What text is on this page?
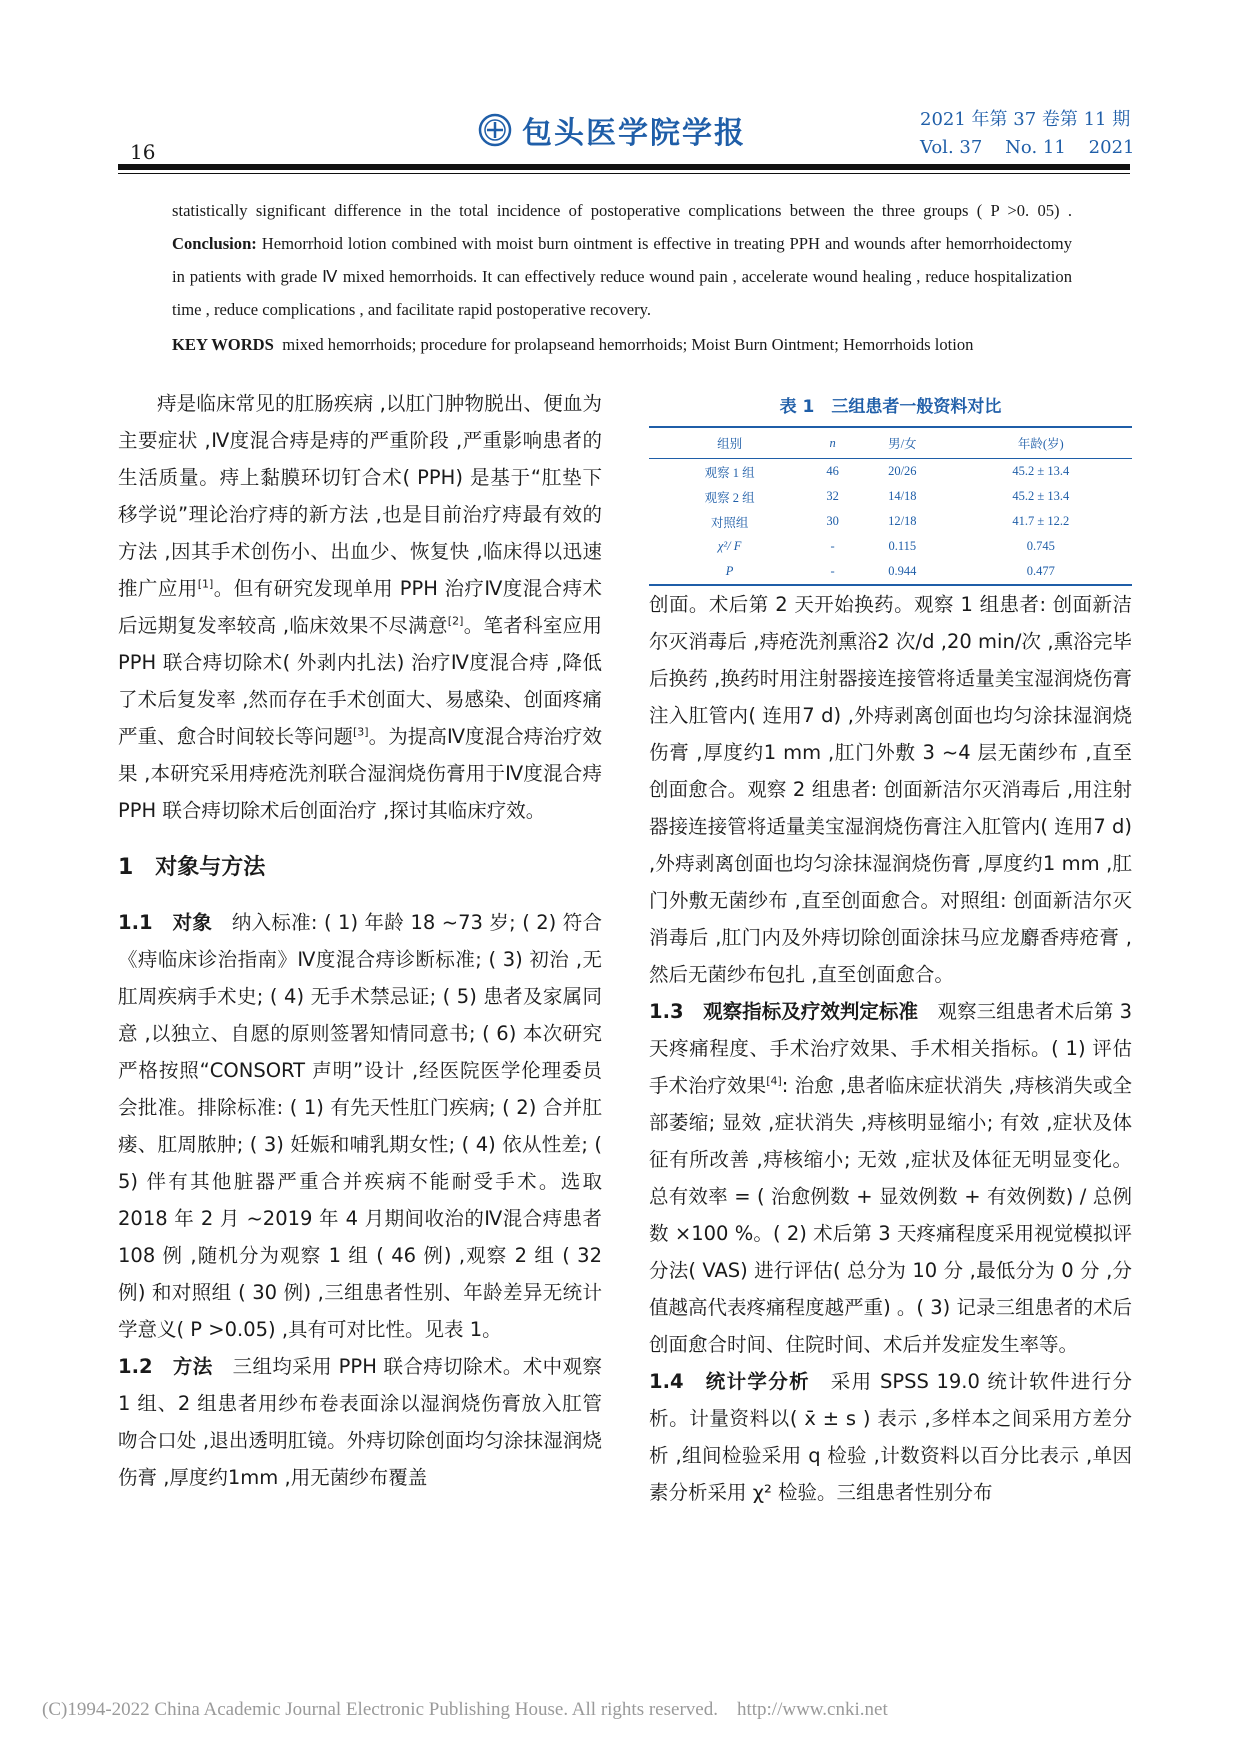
16
包头医学院学报	2021 年第 37 卷第 11 期
Vol. 37    No. 11    2021

statistically significant difference in the total incidence of postoperative complications between the three groups ( P >0. 05) . Conclusion: Hemorrhoid lotion combined with moist burn ointment is effective in treating PPH and wounds after hemorrhoidectomy in patients with grade Ⅳ mixed hemorrhoids. It can effectively reduce wound pain , accelerate wound healing , reduce hospitalization time , reduce complications , and facilitate rapid postoperative recovery.

KEY WORDS  mixed hemorrhoids; procedure for prolapseand hemorrhoids; Moist Burn Ointment; Hemorrhoids lotion

痔是临床常见的肛肠疾病 ,以肛门肿物脱出、便血为主要症状 ,Ⅳ度混合痔是痔的严重阶段 ,严重影响患者的生活质量。痔上黏膜环切钉合术( PPH) 是基于“肛垫下移学说”理论治疗痔的新方法 ,也是目前治疗痔最有效的方法 ,因其手术创伤小、出血少、恢复快 ,临床得以迅速推广应用[1]。但有研究发现单用 PPH 治疗Ⅳ度混合痔术后远期复发率较高 ,临床效果不尽满意[2]。笔者科室应用 PPH 联合痔切除术( 外剥内扎法) 治疗Ⅳ度混合痔 ,降低了术后复发率 ,然而存在手术创面大、易感染、创面疼痛严重、愈合时间较长等问题[3]。为提高Ⅳ度混合痔治疗效果 ,本研究采用痔疮洗剂联合湿润烧伤膏用于Ⅳ度混合痔 PPH 联合痔切除术后创面治疗 ,探讨其临床疗效。

1　对象与方法

1.1　对象　纳入标准: ( 1) 年龄 18 ~73 岁; ( 2) 符合《痔临床诊治指南》Ⅳ度混合痔诊断标准; ( 3) 初治 ,无肛周疾病手术史; ( 4) 无手术禁忌证; ( 5) 患者及家属同意 ,以独立、自愿的原则签署知情同意书; ( 6) 本次研究严格按照“CONSORT 声明”设计 ,经医院医学伦理委员会批准。排除标准: ( 1) 有先天性肛门疾病; ( 2) 合并肛瘘、肛周脓肿; ( 3) 妊娠和哺乳期女性; ( 4) 依从性差; ( 5) 伴有其他脏器严重合并疾病不能耐受手术。选取 2018 年 2 月 ~2019 年 4 月期间收治的Ⅳ混合痔患者 108 例 ,随机分为观察 1 组 ( 46 例) ,观察 2 组 ( 32 例) 和对照组 ( 30 例) ,三组患者性别、年龄差异无统计学意义( P >0.05) ,具有可对比性。见表 1。

1.2　方法　三组均采用 PPH 联合痔切除术。术中观察 1 组、2 组患者用纱布卷表面涂以湿润烧伤膏放入肛管吻合口处 ,退出透明肛镜。外痔切除创面均匀涂抹湿润烧伤膏 ,厚度约1mm ,用无菌纱布覆盖

表 1　三组患者一般资料对比
组别	n	男/女	年龄(岁)
观察 1 组	46	20/26	45.2 ± 13.4
观察 2 组	32	14/18	45.2 ± 13.4
对照组	30	12/18	41.7 ± 12.2
χ²/ F	-	0.115	0.745
P	-	0.944	0.477

创面。术后第 2 天开始换药。观察 1 组患者: 创面新洁尔灭消毒后 ,痔疮洗剂熏浴2 次/d ,20 min/次 ,熏浴完毕后换药 ,换药时用注射器接连接管将适量美宝湿润烧伤膏注入肛管内( 连用7 d) ,外痔剥离创面也均匀涂抹湿润烧伤膏 ,厚度约1 mm ,肛门外敷 3 ~4 层无菌纱布 ,直至创面愈合。观察 2 组患者: 创面新洁尔灭消毒后 ,用注射器接连接管将适量美宝湿润烧伤膏注入肛管内( 连用7 d) ,外痔剥离创面也均匀涂抹湿润烧伤膏 ,厚度约1 mm ,肛门外敷无菌纱布 ,直至创面愈合。对照组: 创面新洁尔灭消毒后 ,肛门内及外痔切除创面涂抹马应龙麝香痔疮膏 ,然后无菌纱布包扎 ,直至创面愈合。

1.3　观察指标及疗效判定标准　观察三组患者术后第 3 天疼痛程度、手术治疗效果、手术相关指标。( 1) 评估手术治疗效果[4]: 治愈 ,患者临床症状消失 ,痔核消失或全部萎缩; 显效 ,症状消失 ,痔核明显缩小; 有效 ,症状及体征有所改善 ,痔核缩小; 无效 ,症状及体征无明显变化。总有效率 = ( 治愈例数 + 显效例数 + 有效例数) / 总例数 ×100 %。( 2) 术后第 3 天疼痛程度采用视觉模拟评分法( VAS) 进行评估( 总分为 10 分 ,最低分为 0 分 ,分值越高代表疼痛程度越严重) 。( 3) 记录三组患者的术后创面愈合时间、住院时间、术后并发症发生率等。

1.4　统计学分析　采用 SPSS 19.0 统计软件进行分析。计量资料以( x̄ ± s ) 表示 ,多样本之间采用方差分析 ,组间检验采用 q 检验 ,计数资料以百分比表示 ,单因素分析采用 χ² 检验。三组患者性别分布

(C)1994-2022 China Academic Journal Electronic Publishing House. All rights reserved. http://www.cnki.net
